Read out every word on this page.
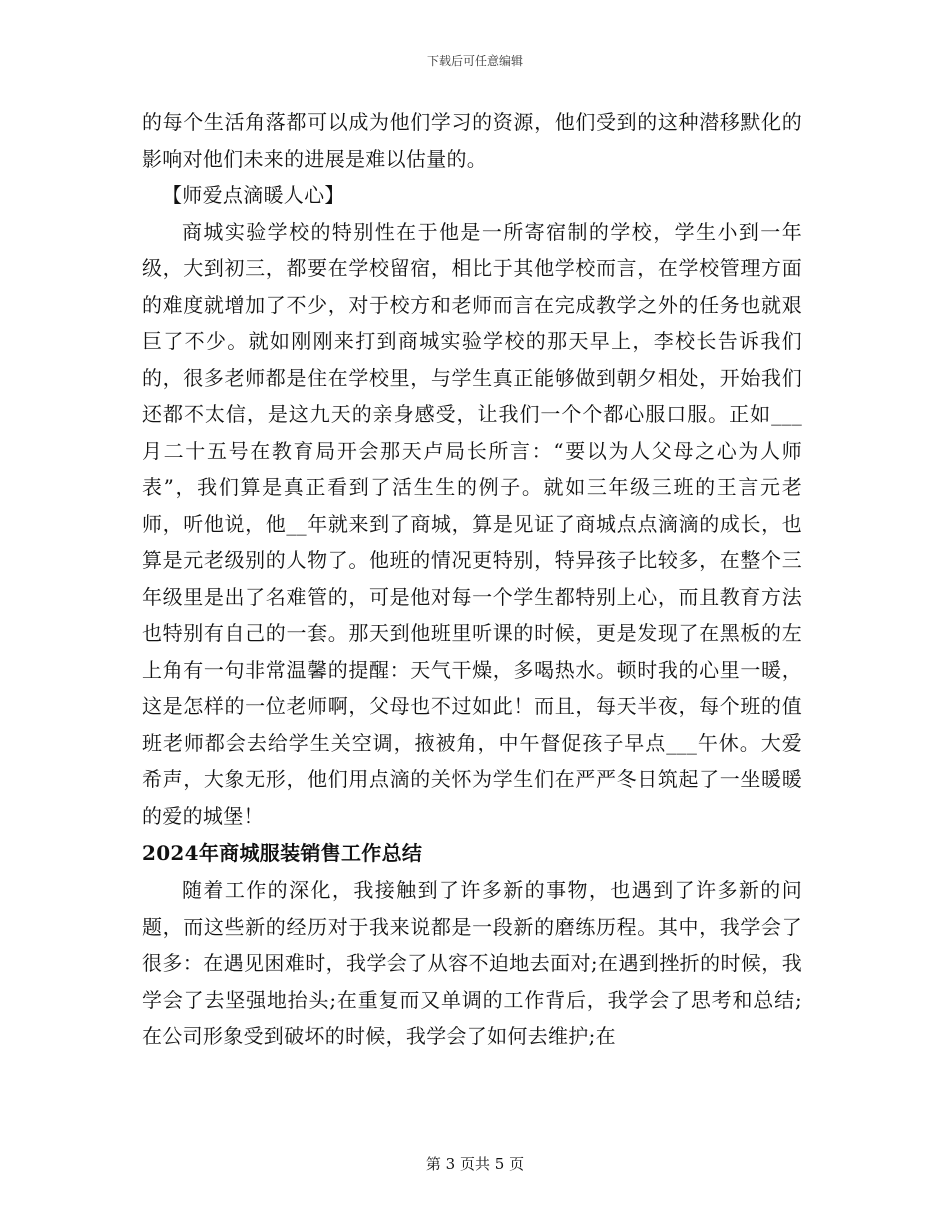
下载后可任意编辑

的每个生活角落都可以成为他们学习的资源，他们受到的这种潜移默化的影响对他们未来的进展是难以估量的。

【师爱点滴暖人心】

商城实验学校的特别性在于他是一所寄宿制的学校，学生小到一年级，大到初三，都要在学校留宿，相比于其他学校而言，在学校管理方面的难度就增加了不少，对于校方和老师而言在完成教学之外的任务也就艰巨了不少。就如刚刚来打到商城实验学校的那天早上，李校长告诉我们的，很多老师都是住在学校里，与学生真正能够做到朝夕相处，开始我们还都不太信，是这九天的亲身感受，让我们一个个都心服口服。正如___月二十五号在教育局开会那天卢局长所言：“要以为人父母之心为人师表”，我们算是真正看到了活生生的例子。就如三年级三班的王言元老师，听他说，他__年就来到了商城，算是见证了商城点点滴滴的成长，也算是元老级别的人物了。他班的情况更特别，特异孩子比较多，在整个三年级里是出了名难管的，可是他对每一个学生都特别上心，而且教育方法也特别有自己的一套。那天到他班里听课的时候，更是发现了在黑板的左上角有一句非常温馨的提醒：天气干燥，多喝热水。顿时我的心里一暖，这是怎样的一位老师啊，父母也不过如此！而且，每天半夜，每个班的值班老师都会去给学生关空调，掖被角，中午督促孩子早点___午休。大爱希声，大象无形，他们用点滴的关怀为学生们在严严冬日筑起了一坐暖暖的爱的城堡！

2024年商城服装销售工作总结

随着工作的深化，我接触到了许多新的事物，也遇到了许多新的问题，而这些新的经历对于我来说都是一段新的磨练历程。其中，我学会了很多：在遇见困难时，我学会了从容不迫地去面对;在遇到挫折的时候，我学会了去坚强地抬头;在重复而又单调的工作背后，我学会了思考和总结;在公司形象受到破坏的时候，我学会了如何去维护;在

第 3 页共 5 页
